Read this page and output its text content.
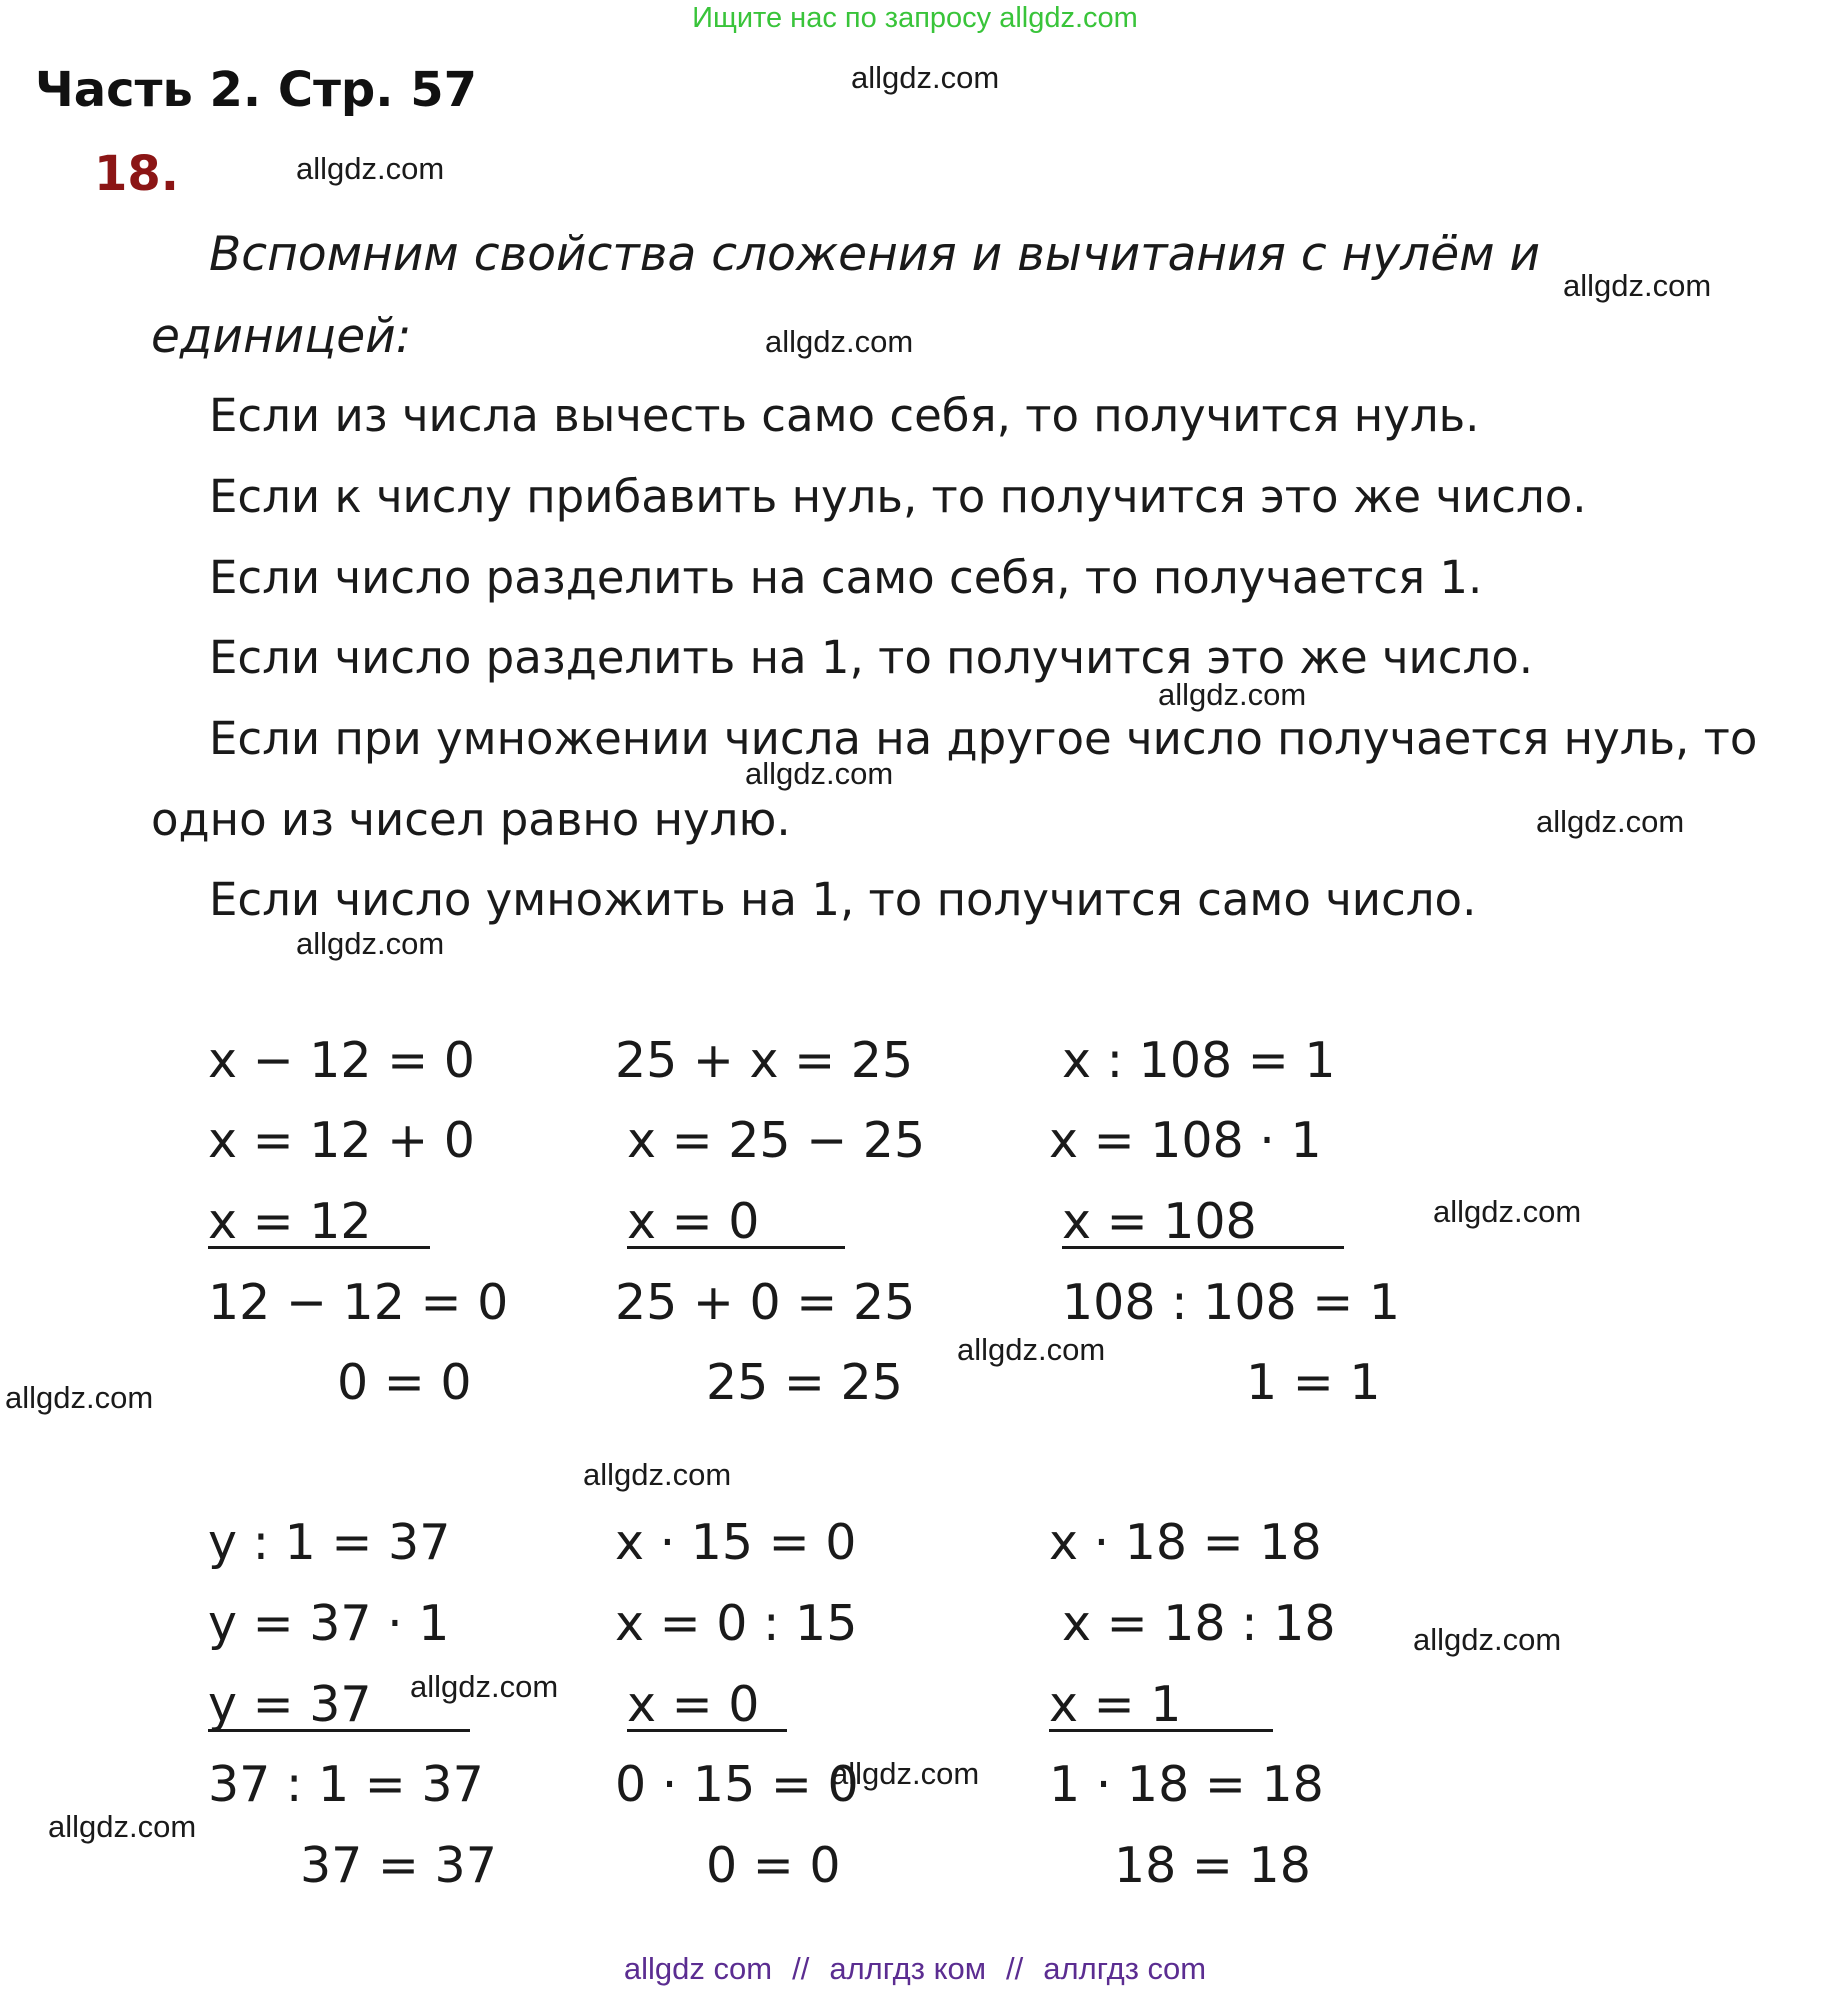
Ищите нас по запросу allgdz.com
Часть 2. Стр. 57
18.
allgdz.com
allgdz.com
allgdz.com
allgdz.com
allgdz.com
allgdz.com
allgdz.com
allgdz.com
allgdz.com
allgdz.com
allgdz.com
allgdz.com
allgdz.com
allgdz.com
allgdz.com
allgdz.com
Вспомним свойства сложения и вычитания с нулём и
единицей:
Если из числа вычесть само себя, то получится нуль.
Если к числу прибавить нуль, то получится это же число.
Если число разделить на само себя, то получается 1.
Если число разделить на 1, то получится это же число.
Если при умножении числа на другое число получается нуль, то
одно из чисел равно нулю.
Если число умножить на 1, то получится само число.
x − 12 = 0
x = 12 + 0
x = 12
12 − 12 = 0
0 = 0
25 + x = 25
x = 25 − 25
x = 0
25 + 0 = 25
25 = 25
x : 108 = 1
x = 108 · 1
x = 108
108 : 108 = 1
1 = 1
y : 1 = 37
y = 37 · 1
y = 37
37 : 1 = 37
37 = 37
x · 15 = 0
x = 0 : 15
x = 0
0 · 15 = 0
0 = 0
x · 18 = 18
x = 18 : 18
x = 1
1 · 18 = 18
18 = 18
allgdz com // аллгдз ком // аллгдз com
